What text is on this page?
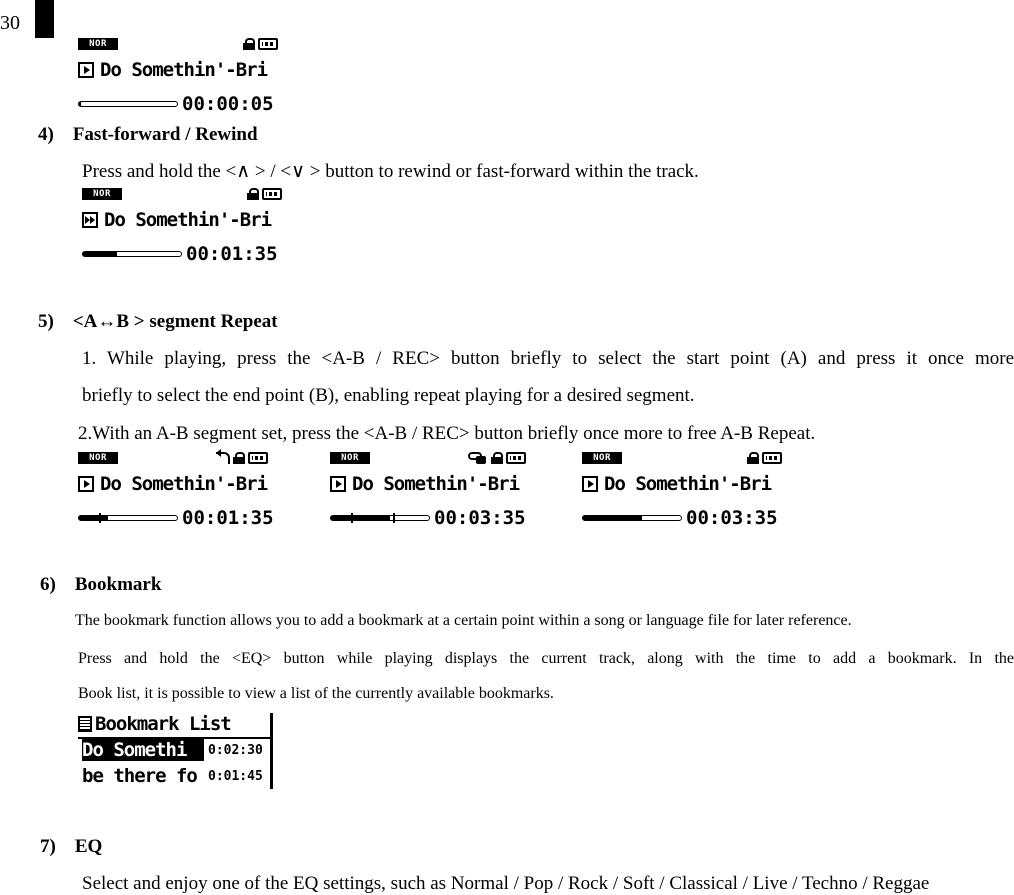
30
NOR
Do Somethin'-Bri
00:00:05
4)    Fast-forward / Rewind
Press and hold the <∧ > / <∨ > button to rewind or fast-forward within the track.
NOR
Do Somethin'-Bri
00:01:35
5)    <A↔B > segment Repeat
1. While playing, press the <A-B / REC> button briefly to select the start point (A) and press it once more
briefly to select the end point (B), enabling repeat playing for a desired segment.
2.With an A-B segment set, press the <A-B / REC> button briefly once more to free A-B Repeat.
NOR
Do Somethin'-Bri
00:01:35
NOR
Do Somethin'-Bri
00:03:35
NOR
Do Somethin'-Bri
00:03:35
6)    Bookmark
The bookmark function allows you to add a bookmark at a certain point within a song or language file for later reference.
Press and hold the <EQ> button while playing displays the current track, along with the time to add a bookmark. In the
Book list, it is possible to view a list of the currently available bookmarks.
Bookmark List
Do Somethi	0:02:30
be there fo 0:01:45
7)    EQ
Select and enjoy one of the EQ settings, such as Normal / Pop / Rock / Soft / Classical / Live / Techno / Reggae
